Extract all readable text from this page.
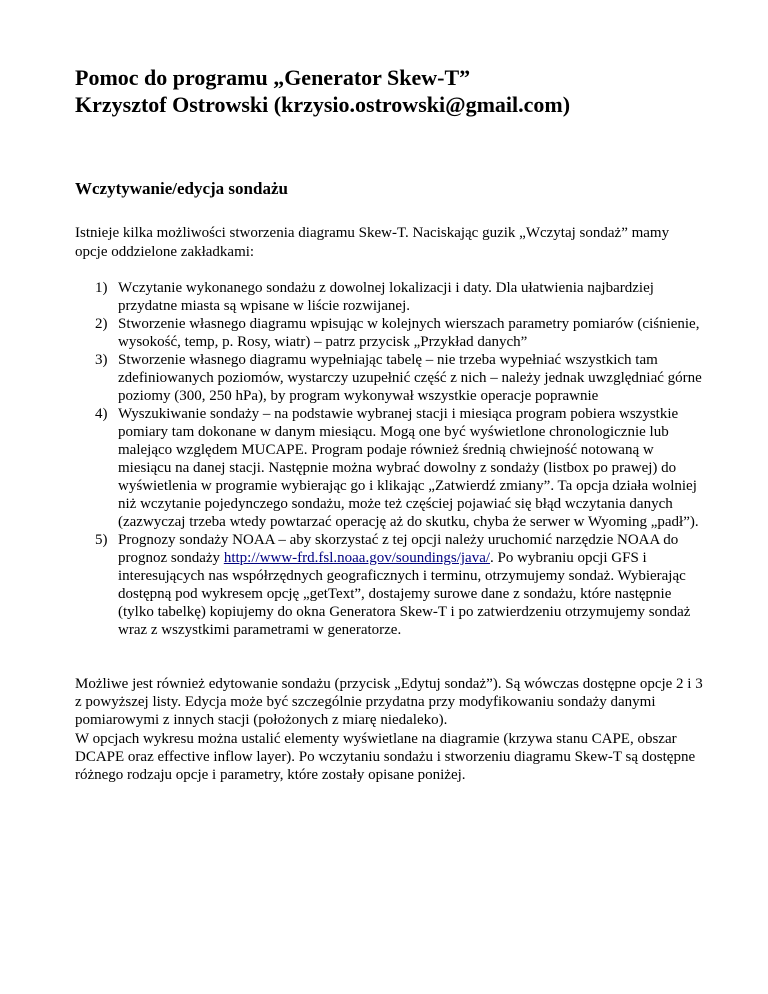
Pomoc do programu „Generator Skew-T”
Krzysztof Ostrowski (krzysio.ostrowski@gmail.com)
Wczytywanie/edycja sondażu

Istnieje kilka możliwości stworzenia diagramu Skew-T. Naciskając guzik „Wczytaj sondaż” mamy opcje oddzielone zakładkami:

1) Wczytanie wykonanego sondażu z dowolnej lokalizacji i daty. Dla ułatwienia najbardziej przydatne miasta są wpisane w liście rozwijanej.
2) Stworzenie własnego diagramu wpisując w kolejnych wierszach parametry pomiarów (ciśnienie, wysokość, temp, p. Rosy, wiatr) – patrz przycisk „Przykład danych”
3) Stworzenie własnego diagramu wypełniając tabelę – nie trzeba wypełniać wszystkich tam zdefiniowanych poziomów, wystarczy uzupełnić część z nich – należy jednak uwzględniać górne poziomy (300, 250 hPa), by program wykonywał wszystkie operacje poprawnie
4) Wyszukiwanie sondaży – na podstawie wybranej stacji i miesiąca program pobiera wszystkie pomiary tam dokonane w danym miesiącu. Mogą one być wyświetlone chronologicznie lub malejąco względem MUCAPE. Program podaje również średnią chwiejność notowaną w miesiącu na danej stacji. Następnie można wybrać dowolny z sondaży (listbox po prawej) do wyświetlenia w programie wybierając go i klikając „Zatwierdź zmiany”. Ta opcja działa wolniej niż wczytanie pojedynczego sondażu, może też częściej pojawiać się błąd wczytania danych (zazwyczaj trzeba wtedy powtarzać operację aż do skutku, chyba że serwer w Wyoming „padł”).
5) Prognozy sondaży NOAA – aby skorzystać z tej opcji należy uruchomić narzędzie NOAA do prognoz sondaży http://www-frd.fsl.noaa.gov/soundings/java/. Po wybraniu opcji GFS i interesujących nas współrzędnych geograficznych i terminu, otrzymujemy sondaż. Wybierając dostępną pod wykresem opcję „getText”, dostajemy surowe dane z sondażu, które następnie (tylko tabelkę) kopiujemy do okna Generatora Skew-T i po zatwierdzeniu otrzymujemy sondaż wraz z wszystkimi parametrami w generatorze.

Możliwe jest również edytowanie sondażu (przycisk „Edytuj sondaż”). Są wówczas dostępne opcje 2 i 3 z powyższej listy. Edycja może być szczególnie przydatna przy modyfikowaniu sondaży danymi pomiarowymi z innych stacji (położonych z miarę niedaleko).

W opcjach wykresu można ustalić elementy wyświetlane na diagramie (krzywa stanu CAPE, obszar DCAPE oraz effective inflow layer). Po wczytaniu sondażu i stworzeniu diagramu Skew-T są dostępne różnego rodzaju opcje i parametry, które zostały opisane poniżej.
